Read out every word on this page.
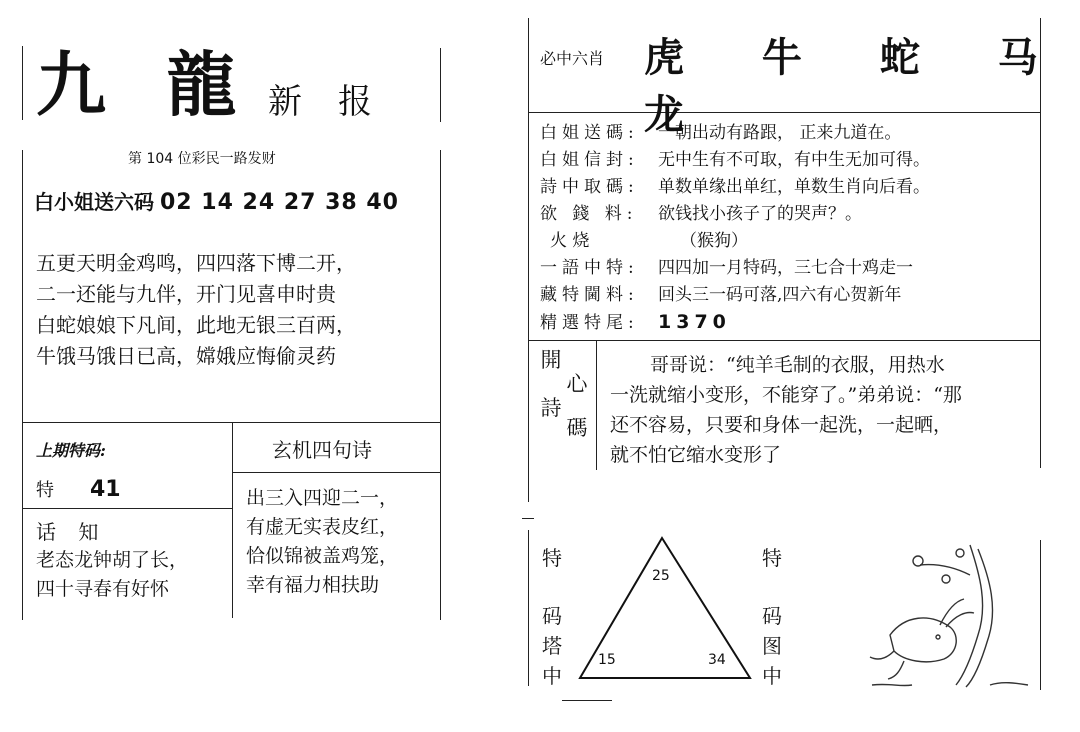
九 龍 新报
第 104 位彩民一路发财
白小姐送六码 02 14 24 27 38 40
五更天明金鸡鸣，四四落下博二开，
二一还能与九伴，开门见喜申时贵
白蛇娘娘下凡间，此地无银三百两，
牛饿马饿日已高，嫦娥应悔偷灵药
上期特码:
特 41
话 知
老态龙钟胡了长，
四十寻春有好怀
玄机四句诗
出三入四迎二一，
有虚无实表皮红，
恰似锦被盖鸡笼，
幸有福力相扶助
必中六肖 虎 牛 蛇 马 龙
白姐送碼: 一朝出动有路跟， 正来九道在。
白姐信封: 无中生有不可取，有中生无加可得。
詩中取碼: 单数单缘出单红，单数生肖向后看。
欲 錢 料: 欲钱找小孩子了的哭声？。
火 烧	（猴狗）
一語中特: 四四加一月特码，三七合十鸡走一
藏特閫料: 回头三一码可落,四六有心贺新年
精選特尾: 1370
開
心
詩
碼
哥哥说：“纯羊毛制的衣服，用热水
一洗就缩小变形，不能穿了。”弟弟说：“那
还不容易，只要和身体一起洗，一起晒，
就不怕它缩水变形了
特
码
塔
中
特
码
图
中
25
15	34
